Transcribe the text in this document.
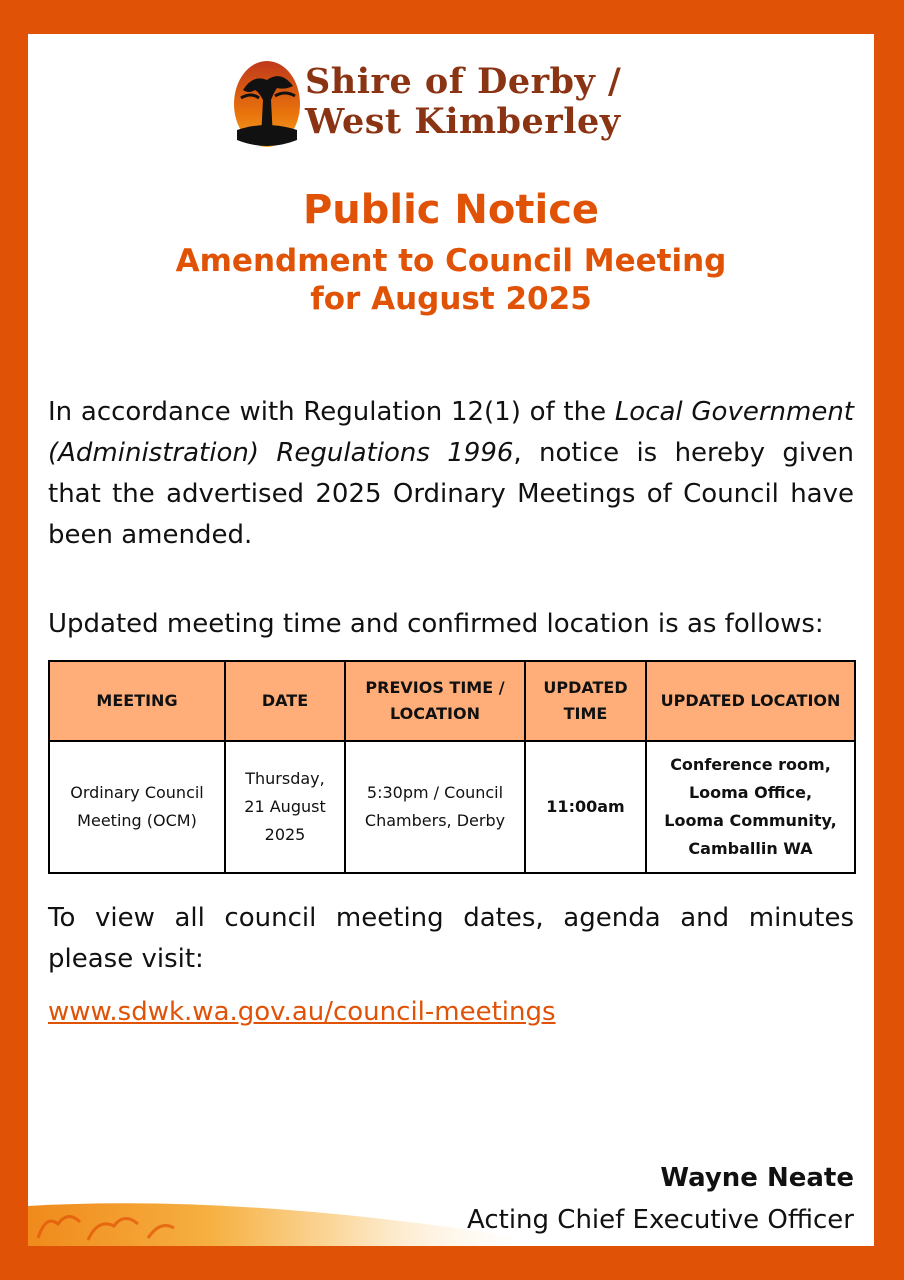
Shire of Derby /
West Kimberley
Public Notice
Amendment to Council Meeting
for August 2025
In accordance with Regulation 12(1) of the Local Government (Administration) Regulations 1996, notice is hereby given that the advertised 2025 Ordinary Meetings of Council have been amended.
Updated meeting time and confirmed location is as follows:
MEETING	DATE	PREVIOS TIME / LOCATION	UPDATED TIME	UPDATED LOCATION
Ordinary Council Meeting (OCM)	Thursday, 21 August 2025	5:30pm / Council Chambers, Derby	11:00am	Conference room,
Looma Office,
Looma Community,
Camballin WA
To view all council meeting dates, agenda and minutes please visit:
www.sdwk.wa.gov.au/council-meetings
Wayne Neate
Acting Chief Executive Officer
